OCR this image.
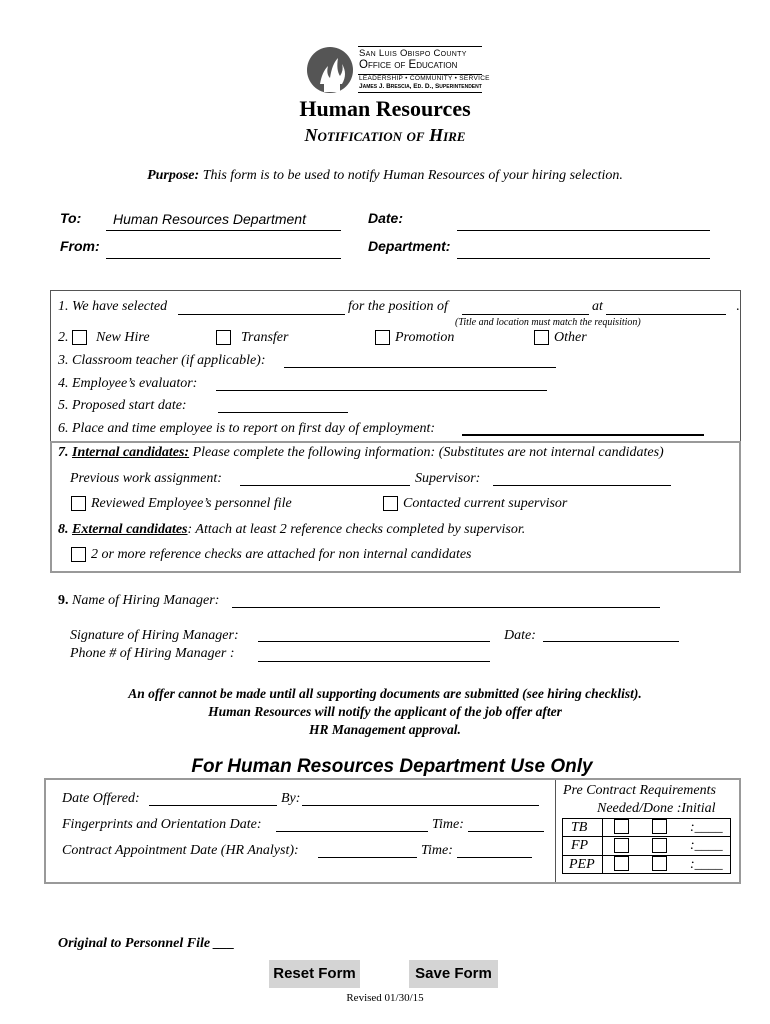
San Luis Obispo County
Office of Education
LEADERSHIP • COMMUNITY • SERVICE
James J. Brescia, Ed. D., Superintendent
Human Resources
Notification of Hire
Purpose: This form is to be used to notify Human Resources of your hiring selection.
To: Human Resources Department	Date:
From:	Department:
1. We have selected	for the position of	at	.
(Title and location must match the requisition)
2. New Hire	Transfer	Promotion	Other
3. Classroom teacher (if applicable):
4. Employee’s evaluator:
5. Proposed start date:
6. Place and time employee is to report on first day of employment:
7. Internal candidates: Please complete the following information: (Substitutes are not internal candidates)
Previous work assignment:	Supervisor:
Reviewed Employee’s personnel file	Contacted current supervisor
8. External candidates: Attach at least 2 reference checks completed by supervisor.
2 or more reference checks are attached for non internal candidates
9. Name of Hiring Manager:
Signature of Hiring Manager:	Date:
Phone # of Hiring Manager :
An offer cannot be made until all supporting documents are submitted (see hiring checklist).
Human Resources will notify the applicant of the job offer after
HR Management approval.
For Human Resources Department Use Only
Date Offered:	By:
Fingerprints and Orientation Date:	Time:
Contract Appointment Date (HR Analyst):	Time:
Pre Contract Requirements
Needed/Done :Initial
TB	:____
FP	:____
PEP	:____
Original to Personnel File ___
Reset Form	Save Form
Revised 01/30/15
